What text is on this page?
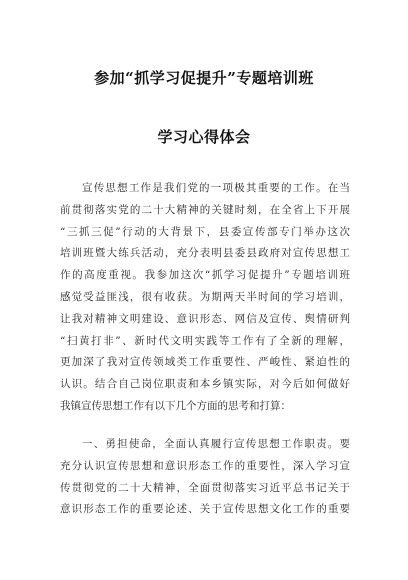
参加“抓学习促提升”专题培训班
学习心得体会
宣传思想工作是我们党的一项极其重要的工作。在当
前贯彻落实党的二十大精神的关键时刻，在全省上下开展
“三抓三促”行动的大背景下，县委宣传部专门举办这次
培训班暨大练兵活动，充分表明县委县政府对宣传思想工
作的高度重视。我参加这次“抓学习促提升”专题培训班
感觉受益匪浅，很有收获。为期两天半时间的学习培训，
让我对精神文明建设、意识形态、网信及宣传、舆情研判
“扫黄打非”、新时代文明实践等工作有了全新的理解，
更加深了我对宣传领域类工作重要性、严峻性、紧迫性的
认识。结合自己岗位职责和本乡镇实际，对今后如何做好
我镇宣传思想工作有以下几个方面的思考和打算：
一、勇担使命，全面认真履行宣传思想工作职责。要
充分认识宣传思想和意识形态工作的重要性，深入学习宣
传贯彻党的二十大精神，全面贯彻落实习近平总书记关于
意识形态工作的重要论述、关于宣传思想文化工作的重要
